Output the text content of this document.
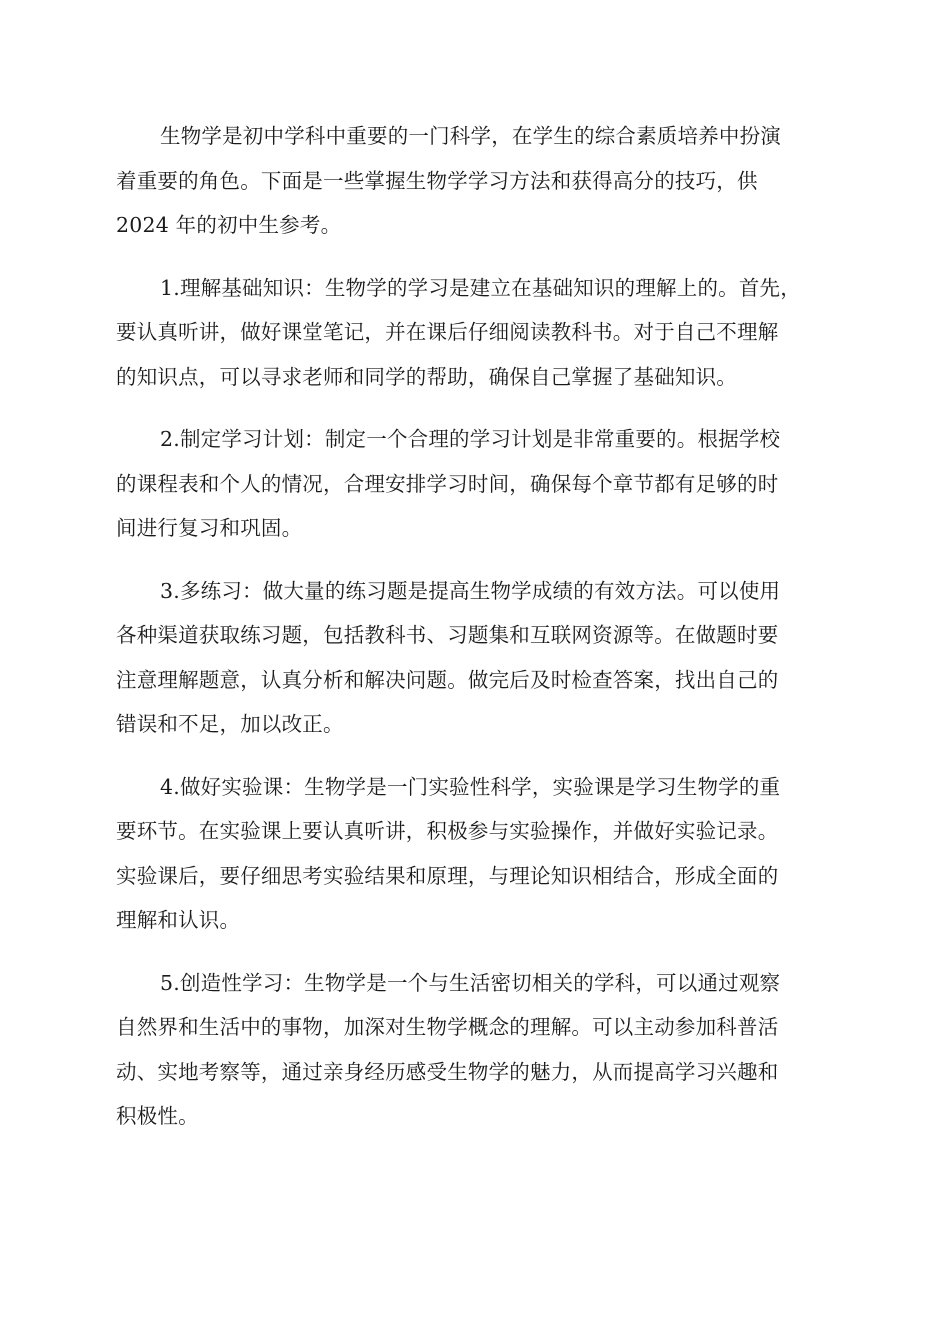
生物学是初中学科中重要的一门科学，在学生的综合素质培养中扮演
着重要的角色。下面是一些掌握生物学学习方法和获得高分的技巧，供
2024 年的初中生参考。

1.理解基础知识：生物学的学习是建立在基础知识的理解上的。首先，
要认真听讲，做好课堂笔记，并在课后仔细阅读教科书。对于自己不理解
的知识点，可以寻求老师和同学的帮助，确保自己掌握了基础知识。

2.制定学习计划：制定一个合理的学习计划是非常重要的。根据学校
的课程表和个人的情况，合理安排学习时间，确保每个章节都有足够的时
间进行复习和巩固。

3.多练习：做大量的练习题是提高生物学成绩的有效方法。可以使用
各种渠道获取练习题，包括教科书、习题集和互联网资源等。在做题时要
注意理解题意，认真分析和解决问题。做完后及时检查答案，找出自己的
错误和不足，加以改正。

4.做好实验课：生物学是一门实验性科学，实验课是学习生物学的重
要环节。在实验课上要认真听讲，积极参与实验操作，并做好实验记录。
实验课后，要仔细思考实验结果和原理，与理论知识相结合，形成全面的
理解和认识。

5.创造性学习：生物学是一个与生活密切相关的学科，可以通过观察
自然界和生活中的事物，加深对生物学概念的理解。可以主动参加科普活
动、实地考察等，通过亲身经历感受生物学的魅力，从而提高学习兴趣和
积极性。
